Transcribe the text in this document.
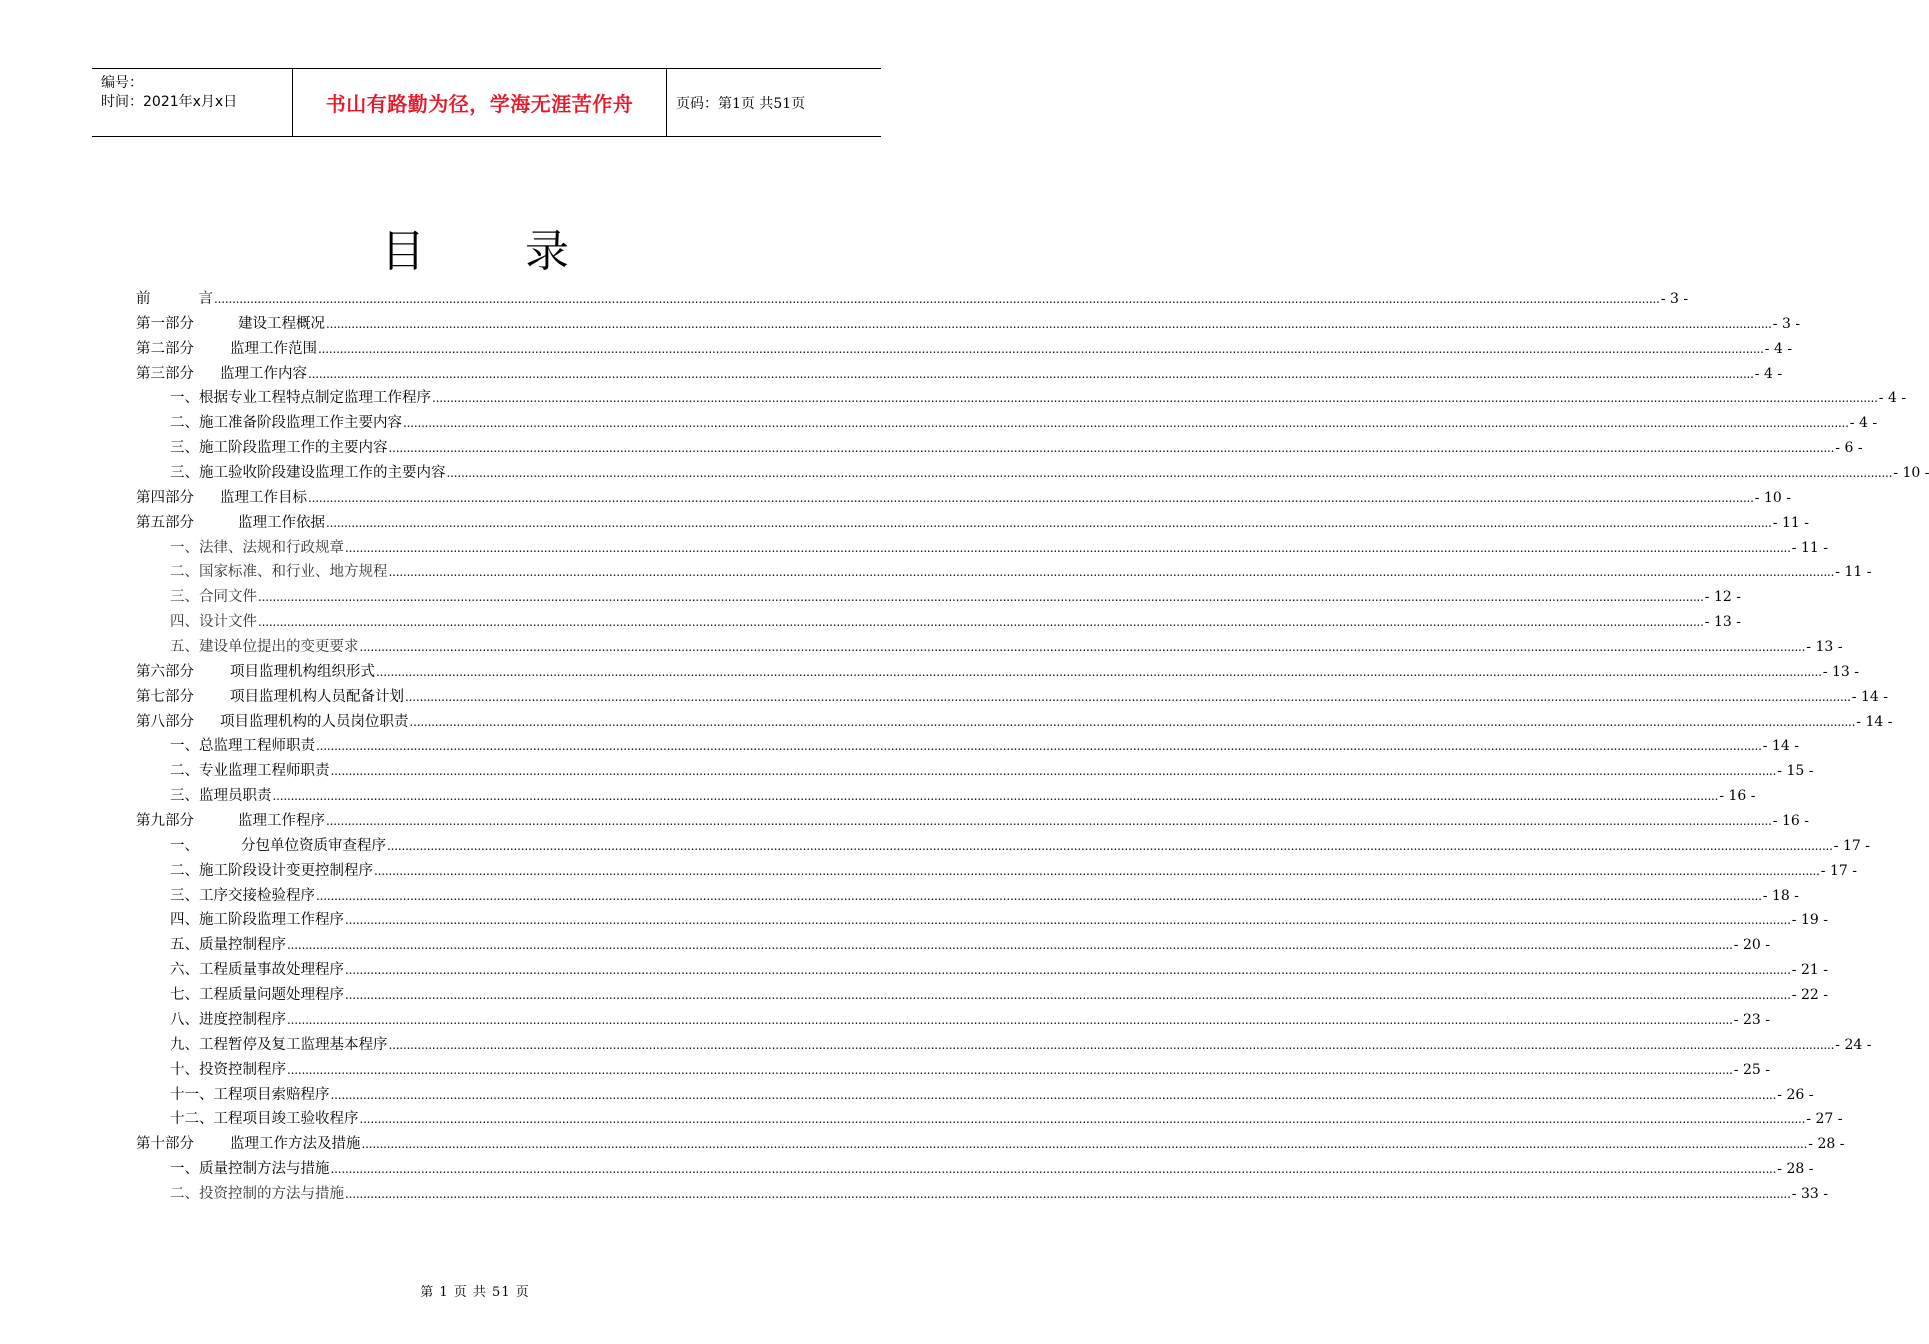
编号：
时间：2021年x月x日	书山有路勤为径，学海无涯苦作舟	页码：第1页 共51页
目 录
前	言 ................................................................................................................................................................................................................................................................................................................................................................................................................ - 3 -
第一部分	建设工程概况 ................................................................................................................................................................................................................................................................................................................................................................................................................ - 3 -
第二部分 监理工作范围 ................................................................................................................................................................................................................................................................................................................................................................................................................ - 4 -
第三部分 监理工作内容 ................................................................................................................................................................................................................................................................................................................................................................................................................ - 4 -
一、根据专业工程特点制定监理工作程序 ................................................................................................................................................................................................................................................................................................................................................................................................................ - 4 -
二、施工准备阶段监理工作主要内容 ................................................................................................................................................................................................................................................................................................................................................................................................................ - 4 -
三、施工阶段监理工作的主要内容 ................................................................................................................................................................................................................................................................................................................................................................................................................ - 6 -
三、施工验收阶段建设监理工作的主要内容 ................................................................................................................................................................................................................................................................................................................................................................................................................ - 10 -
第四部分 监理工作目标 ................................................................................................................................................................................................................................................................................................................................................................................................................ - 10 -
第五部分	监理工作依据 ................................................................................................................................................................................................................................................................................................................................................................................................................ - 11 -
一、法律、法规和行政规章 ................................................................................................................................................................................................................................................................................................................................................................................................................ - 11 -
二、国家标准、和行业、地方规程 ................................................................................................................................................................................................................................................................................................................................................................................................................ - 11 -
三、合同文件 ................................................................................................................................................................................................................................................................................................................................................................................................................ - 12 -
四、设计文件 ................................................................................................................................................................................................................................................................................................................................................................................................................ - 13 -
五、建设单位提出的变更要求 ................................................................................................................................................................................................................................................................................................................................................................................................................ - 13 -
第六部分 项目监理机构组织形式 ................................................................................................................................................................................................................................................................................................................................................................................................................ - 13 -
第七部分 项目监理机构人员配备计划 ................................................................................................................................................................................................................................................................................................................................................................................................................ - 14 -
第八部分 项目监理机构的人员岗位职责 ................................................................................................................................................................................................................................................................................................................................................................................................................ - 14 -
一、总监理工程师职责 ................................................................................................................................................................................................................................................................................................................................................................................................................ - 14 -
二、专业监理工程师职责 ................................................................................................................................................................................................................................................................................................................................................................................................................ - 15 -
三、监理员职责 ................................................................................................................................................................................................................................................................................................................................................................................................................ - 16 -
第九部分	监理工作程序 ................................................................................................................................................................................................................................................................................................................................................................................................................ - 16 -
一、	分包单位资质审查程序 ................................................................................................................................................................................................................................................................................................................................................................................................................ - 17 -
二、施工阶段设计变更控制程序 ................................................................................................................................................................................................................................................................................................................................................................................................................ - 17 -
三、工序交接检验程序 ................................................................................................................................................................................................................................................................................................................................................................................................................ - 18 -
四、施工阶段监理工作程序 ................................................................................................................................................................................................................................................................................................................................................................................................................ - 19 -
五、质量控制程序 ................................................................................................................................................................................................................................................................................................................................................................................................................ - 20 -
六、工程质量事故处理程序 ................................................................................................................................................................................................................................................................................................................................................................................................................ - 21 -
七、工程质量问题处理程序 ................................................................................................................................................................................................................................................................................................................................................................................................................ - 22 -
八、进度控制程序 ................................................................................................................................................................................................................................................................................................................................................................................................................ - 23 -
九、工程暂停及复工监理基本程序 ................................................................................................................................................................................................................................................................................................................................................................................................................ - 24 -
十、投资控制程序 ................................................................................................................................................................................................................................................................................................................................................................................................................ - 25 -
十一、工程项目索赔程序 ................................................................................................................................................................................................................................................................................................................................................................................................................ - 26 -
十二、工程项目竣工验收程序 ................................................................................................................................................................................................................................................................................................................................................................................................................ - 27 -
第十部分 监理工作方法及措施 ................................................................................................................................................................................................................................................................................................................................................................................................................ - 28 -
一、质量控制方法与措施 ................................................................................................................................................................................................................................................................................................................................................................................................................ - 28 -
二、投资控制的方法与措施 ................................................................................................................................................................................................................................................................................................................................................................................................................ - 33 -
第 1 页 共 51 页
